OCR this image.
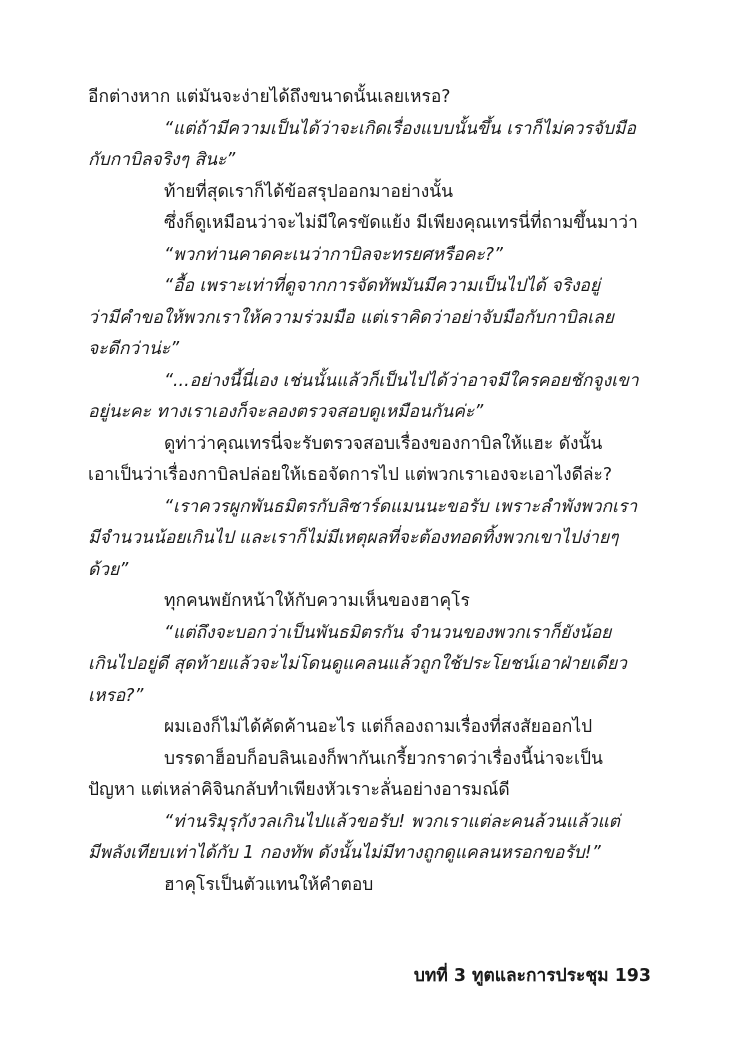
อีกต่างหาก แต่มันจะง่ายได้ถึงขนาดนั้นเลยเหรอ?
“แต่ถ้ามีความเป็นได้ว่าจะเกิดเรื่องแบบนั้นขึ้น เราก็ไม่ควรจับมือ
กับกาบิลจริงๆ สินะ”
ท้ายที่สุดเราก็ได้ข้อสรุปออกมาอย่างนั้น
ซึ่งก็ดูเหมือนว่าจะไม่มีใครขัดแย้ง มีเพียงคุณเทรนี่ที่ถามขึ้นมาว่า
“พวกท่านคาดคะเนว่ากาบิลจะทรยศหรือคะ?”
“อื้อ เพราะเท่าที่ดูจากการจัดทัพมันมีความเป็นไปได้ จริงอยู่
ว่ามีคำขอให้พวกเราให้ความร่วมมือ แต่เราคิดว่าอย่าจับมือกับกาบิลเลย
จะดีกว่าน่ะ”
“...อย่างนี้นี่เอง เช่นนั้นแล้วก็เป็นไปได้ว่าอาจมีใครคอยชักจูงเขา
อยู่นะคะ ทางเราเองก็จะลองตรวจสอบดูเหมือนกันค่ะ”
ดูท่าว่าคุณเทรนี่จะรับตรวจสอบเรื่องของกาบิลให้แฮะ ดังนั้น
เอาเป็นว่าเรื่องกาบิลปล่อยให้เธอจัดการไป แต่พวกเราเองจะเอาไงดีล่ะ?
“เราควรผูกพันธมิตรกับลิซาร์ดแมนนะขอรับ เพราะลำพังพวกเรา
มีจำนวนน้อยเกินไป และเราก็ไม่มีเหตุผลที่จะต้องทอดทิ้งพวกเขาไปง่ายๆ
ด้วย”
ทุกคนพยักหน้าให้กับความเห็นของฮาคุโร
“แต่ถึงจะบอกว่าเป็นพันธมิตรกัน จำนวนของพวกเราก็ยังน้อย
เกินไปอยู่ดี สุดท้ายแล้วจะไม่โดนดูแคลนแล้วถูกใช้ประโยชน์เอาฝ่ายเดียว
เหรอ?”
ผมเองก็ไม่ได้คัดค้านอะไร แต่ก็ลองถามเรื่องที่สงสัยออกไป
บรรดาฮ็อบก็อบลินเองก็พากันเกรี้ยวกราดว่าเรื่องนี้น่าจะเป็น
ปัญหา แต่เหล่าคิจินกลับทำเพียงหัวเราะลั่นอย่างอารมณ์ดี
“ท่านริมุรุกังวลเกินไปแล้วขอรับ! พวกเราแต่ละคนล้วนแล้วแต่
มีพลังเทียบเท่าได้กับ 1 กองทัพ ดังนั้นไม่มีทางถูกดูแคลนหรอกขอรับ!”
ฮาคุโรเป็นตัวแทนให้คำตอบ
บทที่ 3 ทูตและการประชุม 193
